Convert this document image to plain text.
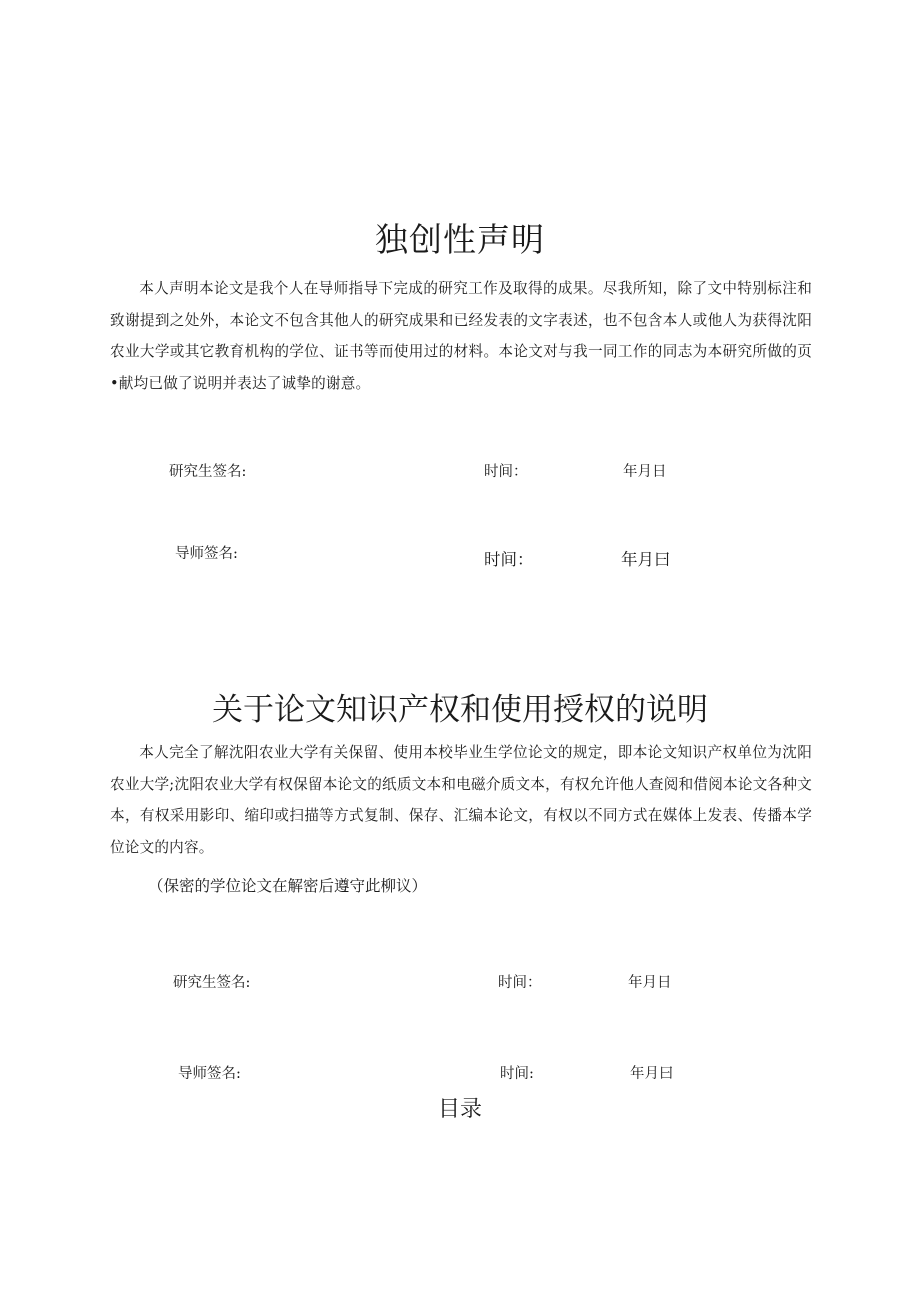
独创性声明
本人声明本论文是我个人在导师指导下完成的研究工作及取得的成果。尽我所知，除了文中特别标注和致谢提到之处外，本论文不包含其他人的研究成果和已经发表的文字表述，也不包含本人或他人为获得沈阳农业大学或其它教育机构的学位、证书等而使用过的材料。本论文对与我一同工作的同志为本研究所做的页•献均已做了说明并表达了诚挚的谢意。
研究生签名:	时间：	年月日
导师签名:	时间：	年月曰
关于论文知识产权和使用授权的说明
本人完全了解沈阳农业大学有关保留、使用本校毕业生学位论文的规定，即本论文知识产权单位为沈阳农业大学;沈阳农业大学有权保留本论文的纸质文本和电磁介质文本，有权允许他人查阅和借阅本论文各种文本，有权采用影印、缩印或扫描等方式复制、保存、汇编本论文，有权以不同方式在媒体上发表、传播本学位论文的内容。
（保密的学位论文在解密后遵守此柳议）
研究生签名:	时间：	年月日
导师签名:	时间:	年月曰
目录
